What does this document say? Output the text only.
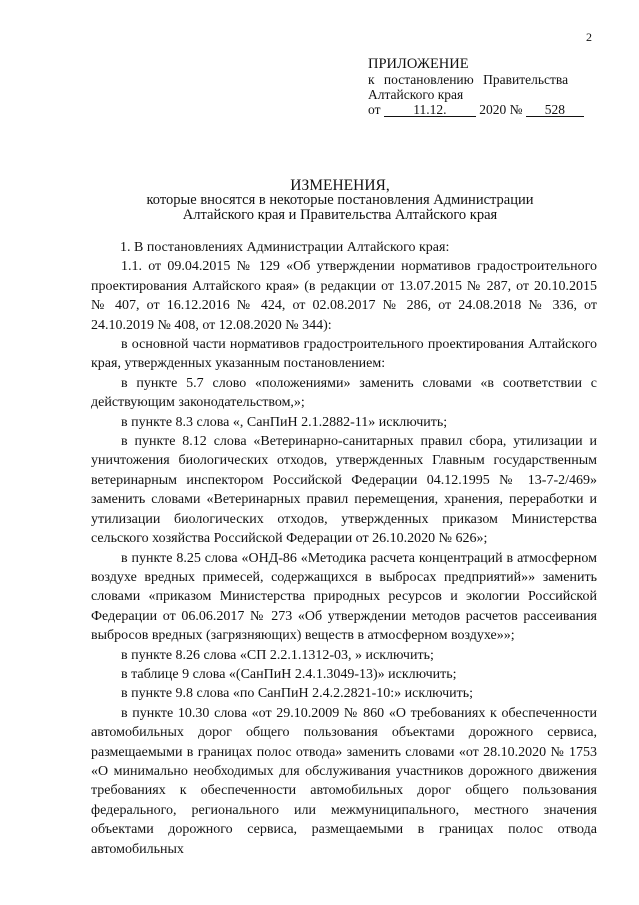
2
ПРИЛОЖЕНИЕ
к постановлению Правительства
Алтайского края
от 11.12. 2020 № 528
ИЗМЕНЕНИЯ,
которые вносятся в некоторые постановления Администрации
Алтайского края и Правительства Алтайского края

1. В постановлениях Администрации Алтайского края:

1.1. от 09.04.2015 № 129 «Об утверждении нормативов градостроительного проектирования Алтайского края» (в редакции от 13.07.2015 № 287, от 20.10.2015 № 407, от 16.12.2016 № 424, от 02.08.2017 № 286, от 24.08.2018 № 336, от 24.10.2019 № 408, от 12.08.2020 № 344):

в основной части нормативов градостроительного проектирования Алтайского края, утвержденных указанным постановлением:

в пункте 5.7 слово «положениями» заменить словами «в соответствии с действующим законодательством,»;

в пункте 8.3 слова «, СанПиН 2.1.2882-11» исключить;

в пункте 8.12 слова «Ветеринарно-санитарных правил сбора, утилизации и уничтожения биологических отходов, утвержденных Главным государственным ветеринарным инспектором Российской Федерации 04.12.1995 № 13-7-2/469» заменить словами «Ветеринарных правил перемещения, хранения, переработки и утилизации биологических отходов, утвержденных приказом Министерства сельского хозяйства Российской Федерации от 26.10.2020 № 626»;

в пункте 8.25 слова «ОНД-86 «Методика расчета концентраций в атмосферном воздухе вредных примесей, содержащихся в выбросах предприятий»» заменить словами «приказом Министерства природных ресурсов и экологии Российской Федерации от 06.06.2017 № 273 «Об утверждении методов расчетов рассеивания выбросов вредных (загрязняющих) веществ в атмосферном воздухе»»;

в пункте 8.26 слова «СП 2.2.1.1312-03, » исключить;

в таблице 9 слова «(СанПиН 2.4.1.3049-13)» исключить;

в пункте 9.8 слова «по СанПиН 2.4.2.2821-10:» исключить;

в пункте 10.30 слова «от 29.10.2009 № 860 «О требованиях к обеспеченности автомобильных дорог общего пользования объектами дорожного сервиса, размещаемыми в границах полос отвода» заменить словами «от 28.10.2020 № 1753 «О минимально необходимых для обслуживания участников дорожного движения требованиях к обеспеченности автомобильных дорог общего пользования федерального, регионального или межмуниципального, местного значения объектами дорожного сервиса, размещаемыми в границах полос отвода автомобильных
